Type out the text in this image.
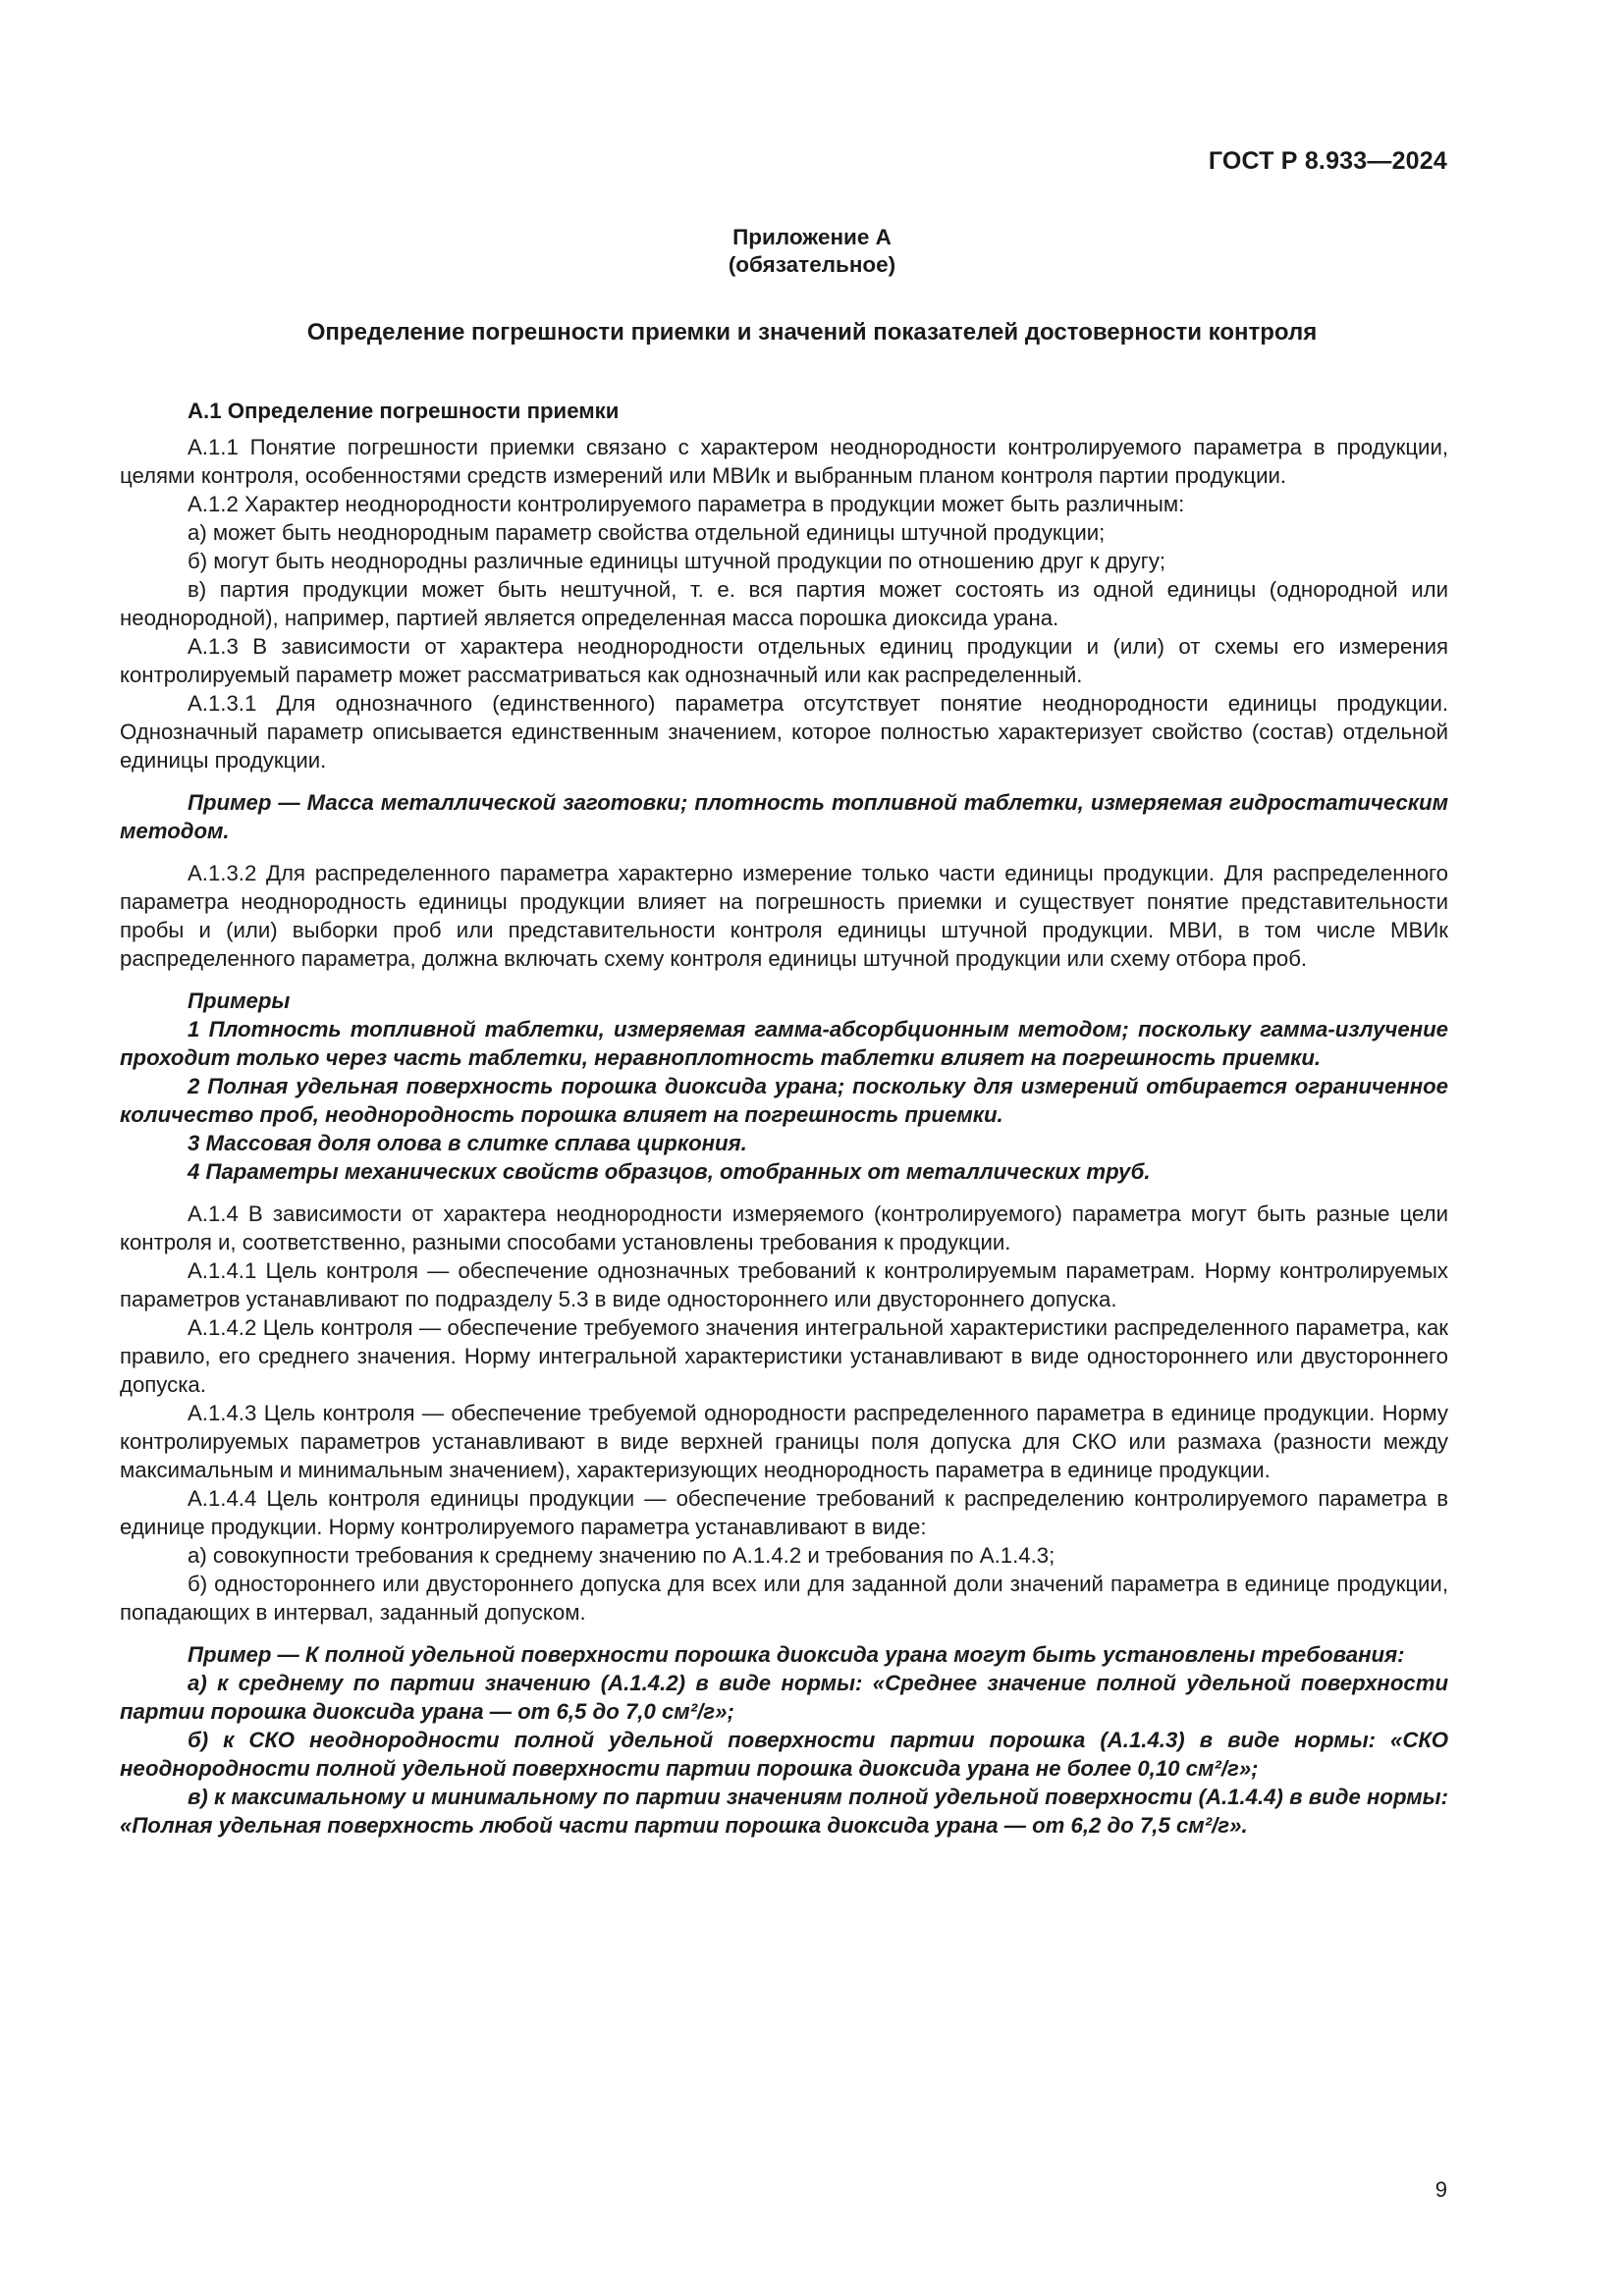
ГОСТ Р 8.933—2024
Приложение А
(обязательное)
Определение погрешности приемки и значений показателей достоверности контроля

А.1 Определение погрешности приемки

А.1.1 Понятие погрешности приемки связано с характером неоднородности контролируемого параметра в продукции, целями контроля, особенностями средств измерений или МВИк и выбранным планом контроля партии продукции.

А.1.2 Характер неоднородности контролируемого параметра в продукции может быть различным:

а) может быть неоднородным параметр свойства отдельной единицы штучной продукции;

б) могут быть неоднородны различные единицы штучной продукции по отношению друг к другу;

в) партия продукции может быть нештучной, т. е. вся партия может состоять из одной единицы (однородной или неоднородной), например, партией является определенная масса порошка диоксида урана.

А.1.3 В зависимости от характера неоднородности отдельных единиц продукции и (или) от схемы его измерения контролируемый параметр может рассматриваться как однозначный или как распределенный.

А.1.3.1 Для однозначного (единственного) параметра отсутствует понятие неоднородности единицы продукции. Однозначный параметр описывается единственным значением, которое полностью характеризует свойство (состав) отдельной единицы продукции.

Пример — Масса металлической заготовки; плотность топливной таблетки, измеряемая гидростатическим методом.

А.1.3.2 Для распределенного параметра характерно измерение только части единицы продукции. Для распределенного параметра неоднородность единицы продукции влияет на погрешность приемки и существует понятие представительности пробы и (или) выборки проб или представительности контроля единицы штучной продукции. МВИ, в том числе МВИк распределенного параметра, должна включать схему контроля единицы штучной продукции или схему отбора проб.

Примеры

1 Плотность топливной таблетки, измеряемая гамма-абсорбционным методом; поскольку гамма-излучение проходит только через часть таблетки, неравноплотность таблетки влияет на погрешность приемки.

2 Полная удельная поверхность порошка диоксида урана; поскольку для измерений отбирается ограниченное количество проб, неоднородность порошка влияет на погрешность приемки.

3 Массовая доля олова в слитке сплава циркония.

4 Параметры механических свойств образцов, отобранных от металлических труб.

А.1.4 В зависимости от характера неоднородности измеряемого (контролируемого) параметра могут быть разные цели контроля и, соответственно, разными способами установлены требования к продукции.

А.1.4.1 Цель контроля — обеспечение однозначных требований к контролируемым параметрам. Норму контролируемых параметров устанавливают по подразделу 5.3 в виде одностороннего или двустороннего допуска.

А.1.4.2 Цель контроля — обеспечение требуемого значения интегральной характеристики распределенного параметра, как правило, его среднего значения. Норму интегральной характеристики устанавливают в виде одностороннего или двустороннего допуска.

А.1.4.3 Цель контроля — обеспечение требуемой однородности распределенного параметра в единице продукции. Норму контролируемых параметров устанавливают в виде верхней границы поля допуска для СКО или размаха (разности между максимальным и минимальным значением), характеризующих неоднородность параметра в единице продукции.

А.1.4.4 Цель контроля единицы продукции — обеспечение требований к распределению контролируемого параметра в единице продукции. Норму контролируемого параметра устанавливают в виде:

а) совокупности требования к среднему значению по А.1.4.2 и требования по А.1.4.3;

б) одностороннего или двустороннего допуска для всех или для заданной доли значений параметра в единице продукции, попадающих в интервал, заданный допуском.

Пример — К полной удельной поверхности порошка диоксида урана могут быть установлены требования:

а) к среднему по партии значению (А.1.4.2) в виде нормы: «Среднее значение полной удельной поверхности партии порошка диоксида урана — от 6,5 до 7,0 см²/г»;

б) к СКО неоднородности полной удельной поверхности партии порошка (А.1.4.3) в виде нормы: «СКО неоднородности полной удельной поверхности партии порошка диоксида урана не более 0,10 см²/г»;

в) к максимальному и минимальному по партии значениям полной удельной поверхности (А.1.4.4) в виде нормы: «Полная удельная поверхность любой части партии порошка диоксида урана — от 6,2 до 7,5 см²/г».

9
